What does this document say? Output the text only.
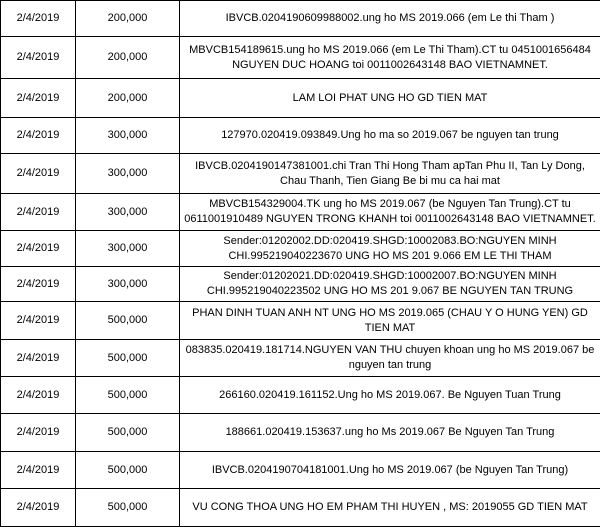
2/4/2019	200,000	IBVCB.0204190609988002.ung ho MS 2019.066 (em Le thi Tham )
2/4/2019	200,000	MBVCB154189615.ung ho MS 2019.066 (em Le Thi Tham).CT tu 0451001656484 NGUYEN DUC HOANG toi 0011002643148 BAO VIETNAMNET.
2/4/2019	200,000	LAM LOI PHAT UNG HO GD TIEN MAT
2/4/2019	300,000	127970.020419.093849.Ung ho ma so 2019.067 be nguyen tan trung
2/4/2019	300,000	IBVCB.0204190147381001.chi Tran Thi Hong Tham apTan Phu II, Tan Ly Dong, Chau Thanh, Tien Giang Be bi mu ca hai mat
2/4/2019	300,000	MBVCB154329004.TK ung ho MS 2019.067 (be Nguyen Tan Trung).CT tu 0611001910489 NGUYEN TRONG KHANH toi 0011002643148 BAO VIETNAMNET.
2/4/2019	300,000	Sender:01202002.DD:020419.SHGD:10002083.BO:NGUYEN MINH CHI.995219040223670 UNG HO MS 201 9.066 EM LE THI THAM
2/4/2019	300,000	Sender:01202021.DD:020419.SHGD:10002007.BO:NGUYEN MINH CHI.995219040223502 UNG HO MS 201 9.067 BE NGUYEN TAN TRUNG
2/4/2019	500,000	PHAN DINH TUAN ANH NT UNG HO MS 2019.065 (CHAU Y O HUNG YEN) GD TIEN MAT
2/4/2019	500,000	083835.020419.181714.NGUYEN VAN THU chuyen khoan ung ho MS 2019.067 be nguyen tan trung
2/4/2019	500,000	266160.020419.161152.Ung ho MS 2019.067. Be Nguyen Tuan Trung
2/4/2019	500,000	188661.020419.153637.ung ho Ms 2019.067 Be Nguyen Tan Trung
2/4/2019	500,000	IBVCB.0204190704181001.Ung ho MS 2019.067 (be Nguyen Tan Trung)
2/4/2019	500,000	VU CONG THOA UNG HO EM PHAM THI HUYEN , MS: 2019055 GD TIEN MAT
